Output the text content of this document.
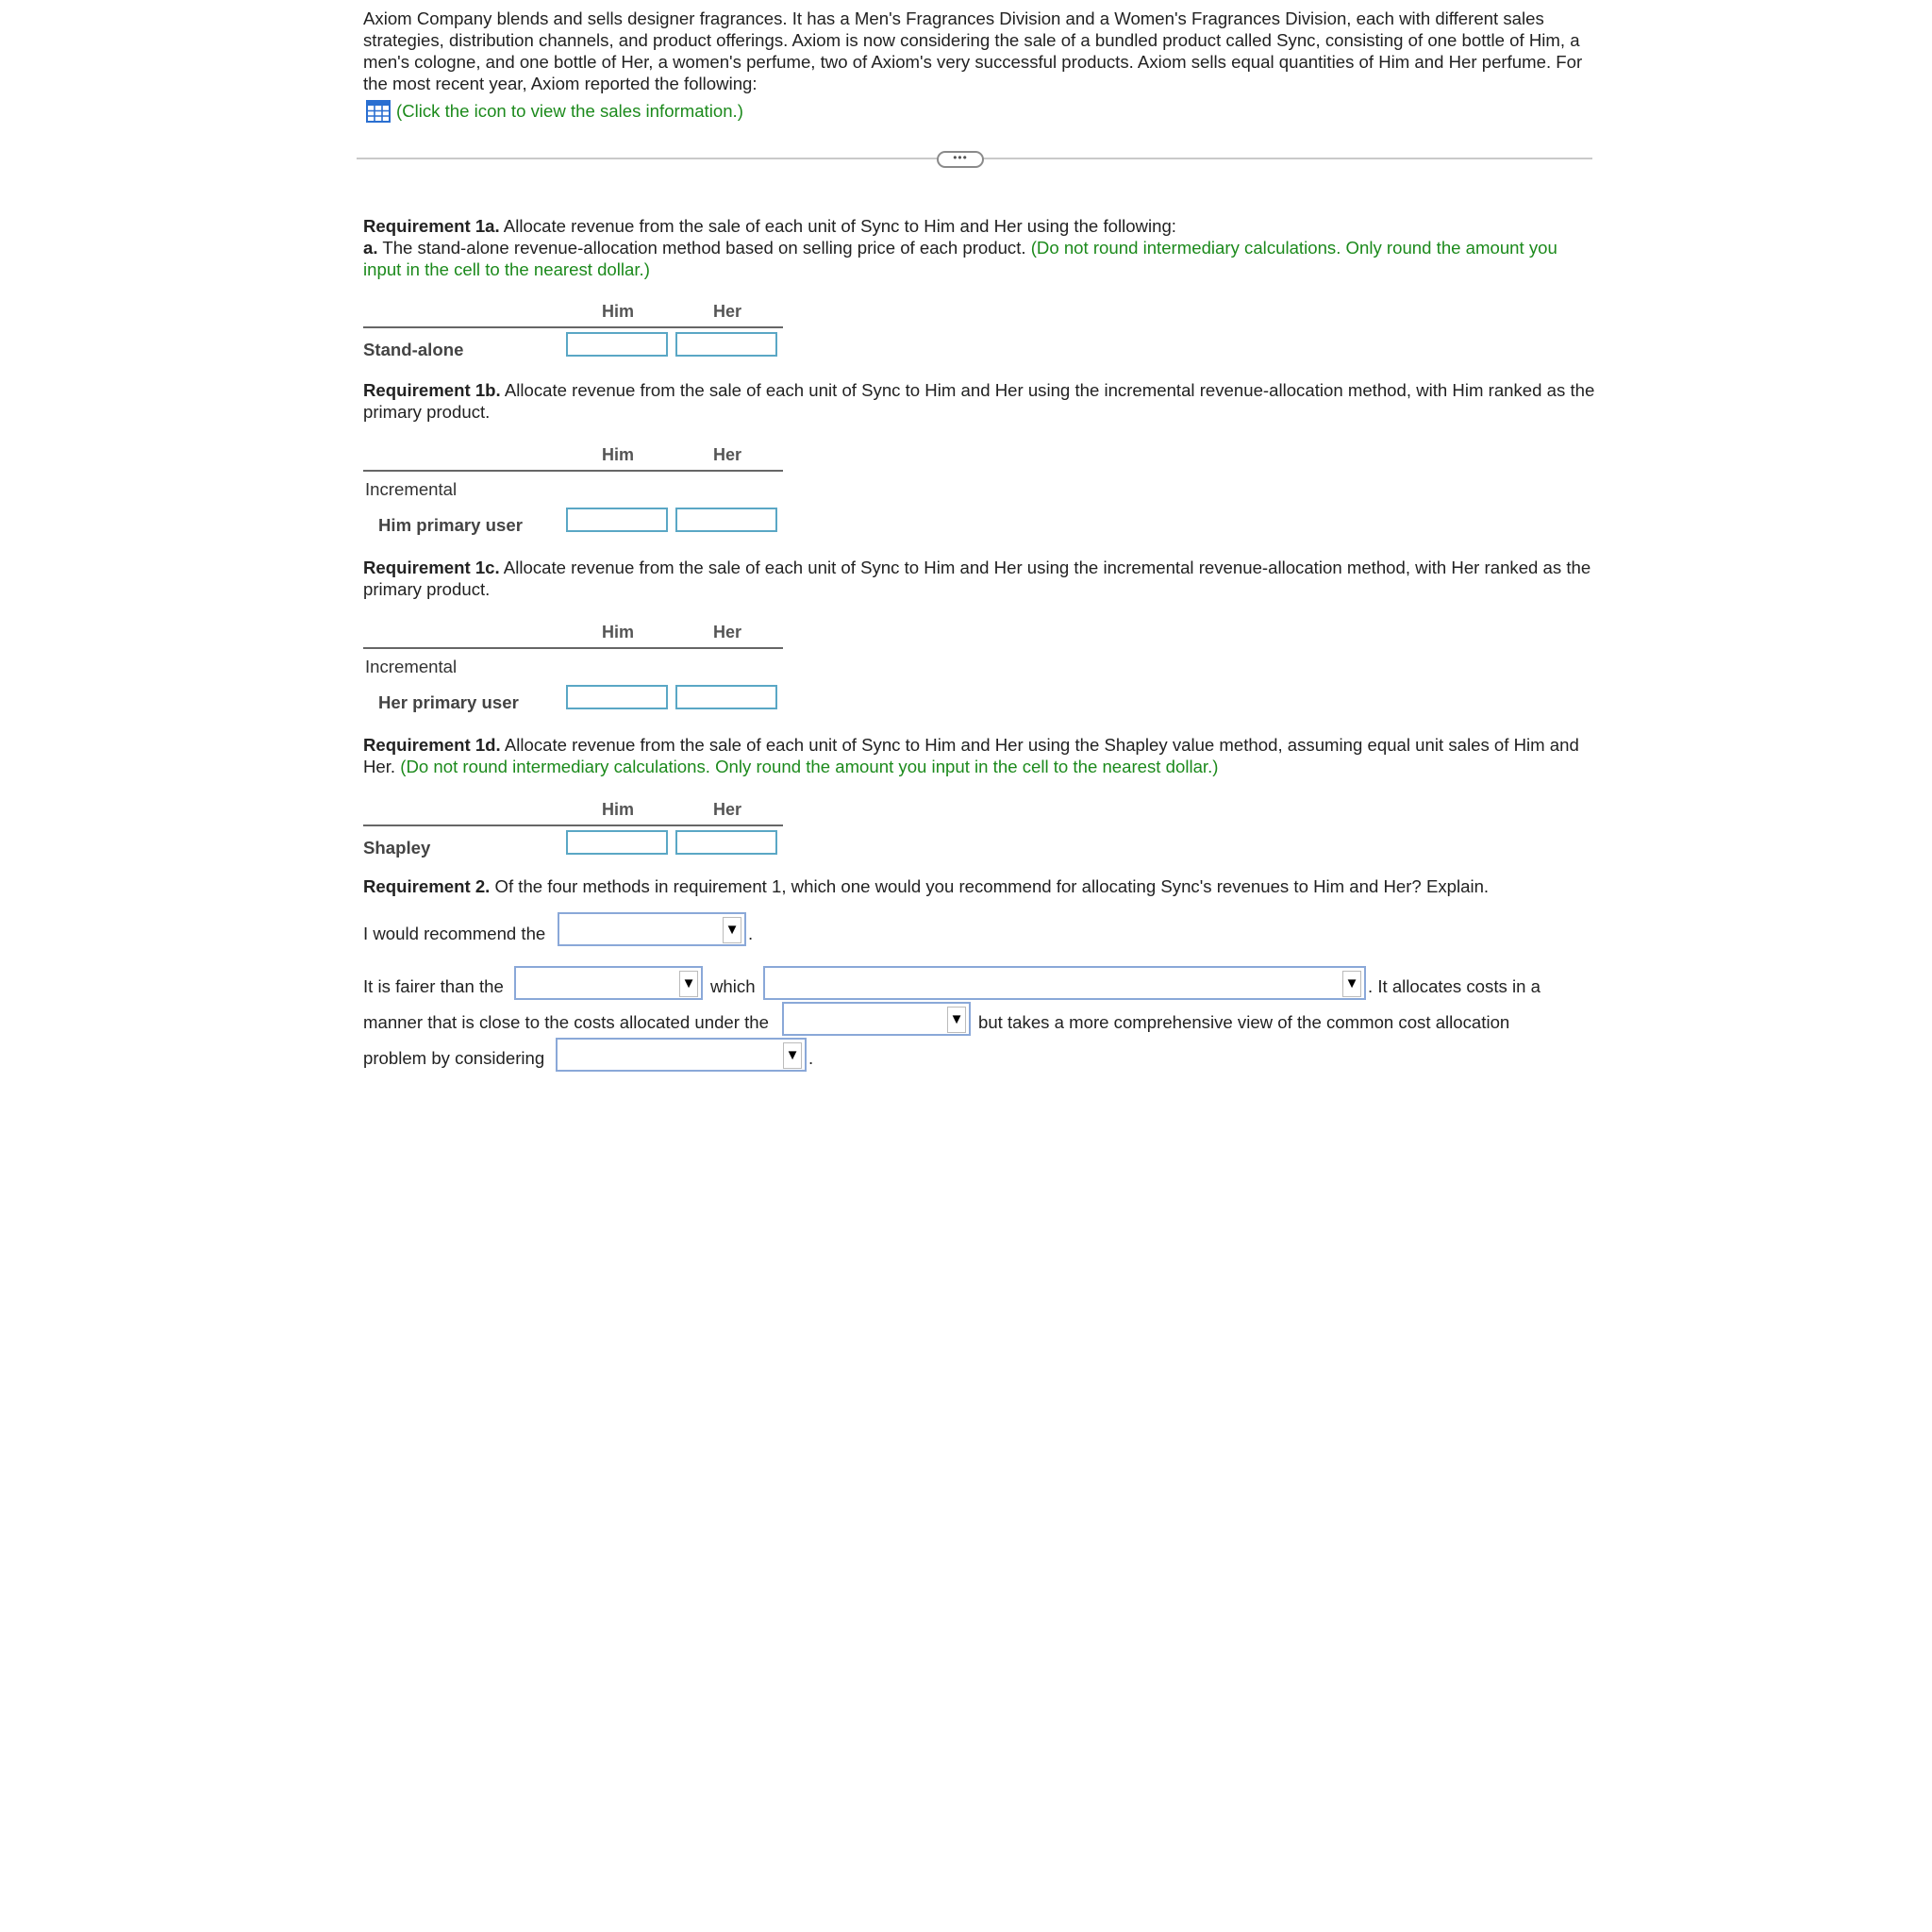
Axiom Company blends and sells designer fragrances. It has a Men's Fragrances Division and a Women's Fragrances Division, each with different sales strategies, distribution channels, and product offerings. Axiom is now considering the sale of a bundled product called Sync, consisting of one bottle of Him, a men's cologne, and one bottle of Her, a women's perfume, two of Axiom's very successful products. Axiom sells equal quantities of Him and Her perfume. For the most recent year, Axiom reported the following:
(Click the icon to view the sales information.)
•••
Requirement 1a. Allocate revenue from the sale of each unit of Sync to Him and Her using the following:
a. The stand-alone revenue-allocation method based on selling price of each product. (Do not round intermediary calculations. Only round the amount you input in the cell to the nearest dollar.)
Him	Her
Stand-alone
Requirement 1b. Allocate revenue from the sale of each unit of Sync to Him and Her using the incremental revenue-allocation method, with Him ranked as the primary product.
Him	Her
Incremental
Him primary user
Requirement 1c. Allocate revenue from the sale of each unit of Sync to Him and Her using the incremental revenue-allocation method, with Her ranked as the primary product.
Him	Her
Incremental
Her primary user
Requirement 1d. Allocate revenue from the sale of each unit of Sync to Him and Her using the Shapley value method, assuming equal unit sales of Him and Her. (Do not round intermediary calculations. Only round the amount you input in the cell to the nearest dollar.)
Him	Her
Shapley
Requirement 2. Of the four methods in requirement 1, which one would you recommend for allocating Sync's revenues to Him and Her? Explain.
I would recommend the	▼ .
It is fairer than the	▼ which	▼ . It allocates costs in a
manner that is close to the costs allocated under the	▼ but takes a more comprehensive view of the common cost allocation
problem by considering	▼ .
